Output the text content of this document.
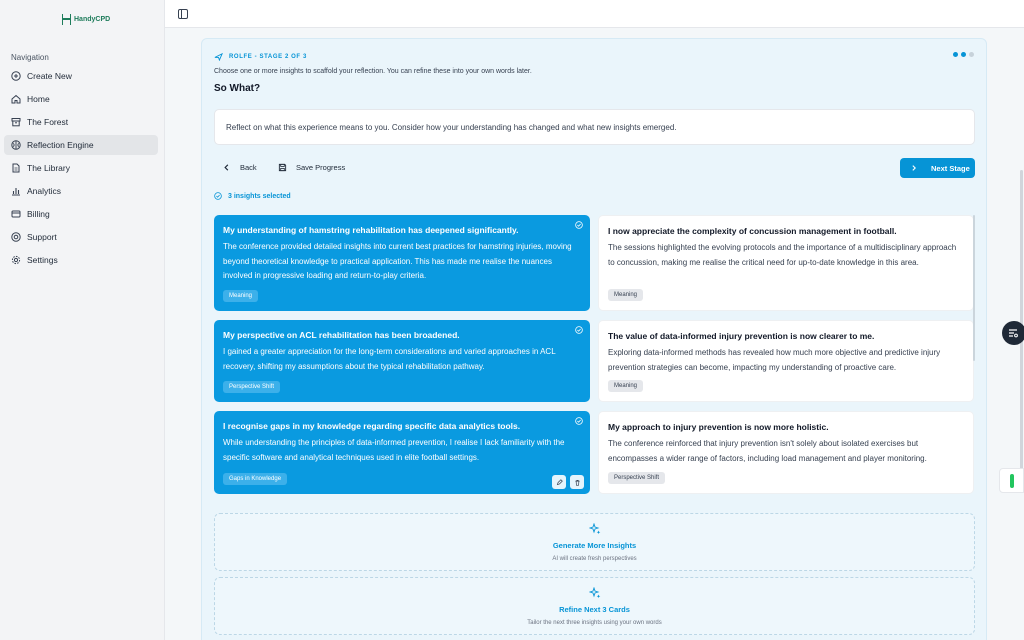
HandyCPD
Navigation
Create New
Home
The Forest
Reflection Engine
The Library
Analytics
Billing
Support
Settings
ROLFE - STAGE 2 OF 3
Choose one or more insights to scaffold your reflection. You can refine these into your own words later.
So What?
Reflect on what this experience means to you. Consider how your understanding has changed and what new insights emerged.
Back	Save Progress	Next Stage
3 insights selected
My understanding of hamstring rehabilitation has deepened significantly.
The conference provided detailed insights into current best practices for hamstring injuries, moving beyond theoretical knowledge to practical application. This has made me realise the nuances involved in progressive loading and return-to-play criteria.
Meaning
I now appreciate the complexity of concussion management in football.
The sessions highlighted the evolving protocols and the importance of a multidisciplinary approach to concussion, making me realise the critical need for up-to-date knowledge in this area.
Meaning
My perspective on ACL rehabilitation has been broadened.
I gained a greater appreciation for the long-term considerations and varied approaches in ACL recovery, shifting my assumptions about the typical rehabilitation pathway.
Perspective Shift
The value of data-informed injury prevention is now clearer to me.
Exploring data-informed methods has revealed how much more objective and predictive injury prevention strategies can become, impacting my understanding of proactive care.
Meaning
I recognise gaps in my knowledge regarding specific data analytics tools.
While understanding the principles of data-informed prevention, I realise I lack familiarity with the specific software and analytical techniques used in elite football settings.
Gaps in Knowledge
My approach to injury prevention is now more holistic.
The conference reinforced that injury prevention isn't solely about isolated exercises but encompasses a wider range of factors, including load management and player monitoring.
Perspective Shift
Generate More Insights
AI will create fresh perspectives
Refine Next 3 Cards
Tailor the next three insights using your own words
